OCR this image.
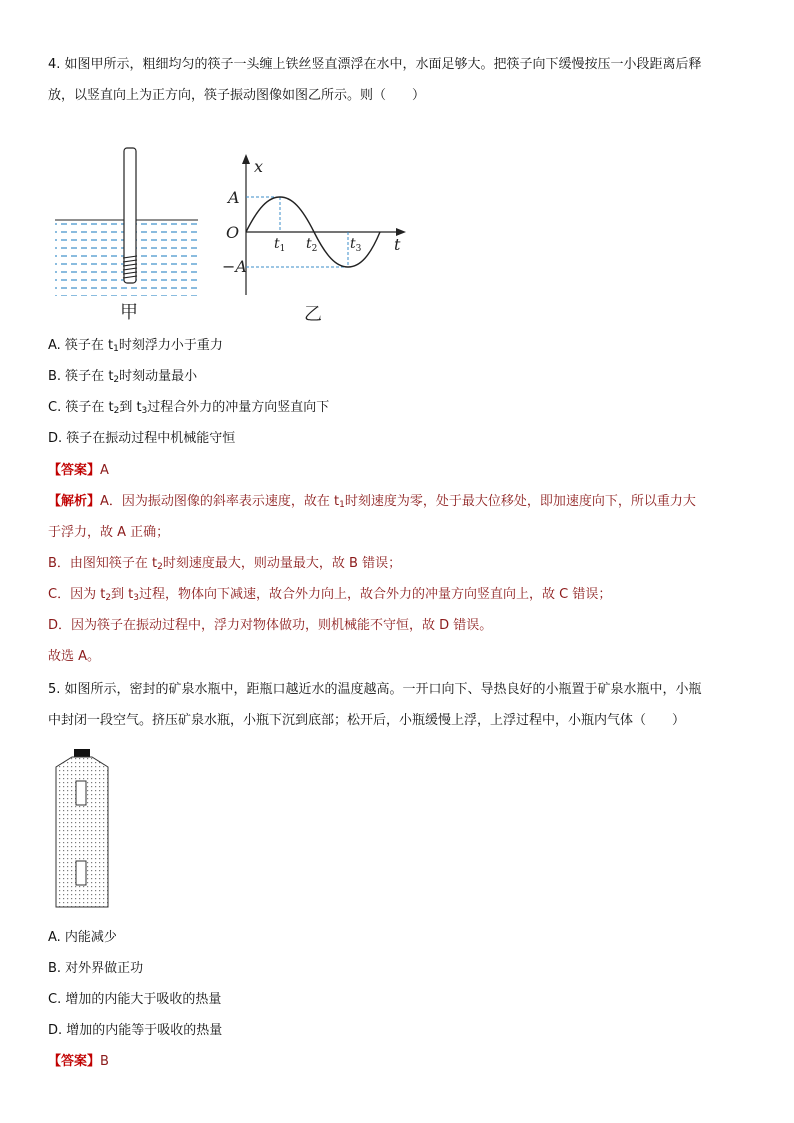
4. 如图甲所示，粗细均匀的筷子一头缠上铁丝竖直漂浮在水中，水面足够大。把筷子向下缓慢按压一小段距离后释
放，以竖直向上为正方向，筷子振动图像如图乙所示。则（　　）
甲
x
t
A
O
−A
$t_1$ $t_2$ $t_3$
乙
A. 筷子在 $t_1$时刻浮力小于重力
B. 筷子在 $t_2$时刻动量最小
C. 筷子在 $t_2$到 $t_3$过程合外力的冲量方向竖直向下
D. 筷子在振动过程中机械能守恒
【答案】A
【解析】A．因为振动图像的斜率表示速度，故在 $t_1$时刻速度为零，处于最大位移处，即加速度向下，所以重力大
于浮力，故 A 正确；
B．由图知筷子在 $t_2$时刻速度最大，则动量最大，故 B 错误；
C．因为 $t_2$到 $t_3$过程，物体向下减速，故合外力向上，故合外力的冲量方向竖直向上，故 C 错误；
D．因为筷子在振动过程中，浮力对物体做功，则机械能不守恒，故 D 错误。
故选 A。
5. 如图所示，密封的矿泉水瓶中，距瓶口越近水的温度越高。一开口向下、导热良好的小瓶置于矿泉水瓶中，小瓶
中封闭一段空气。挤压矿泉水瓶，小瓶下沉到底部；松开后，小瓶缓慢上浮，上浮过程中，小瓶内气体（　　）
A. 内能减少
B. 对外界做正功
C. 增加的内能大于吸收的热量
D. 增加的内能等于吸收的热量
【答案】B
